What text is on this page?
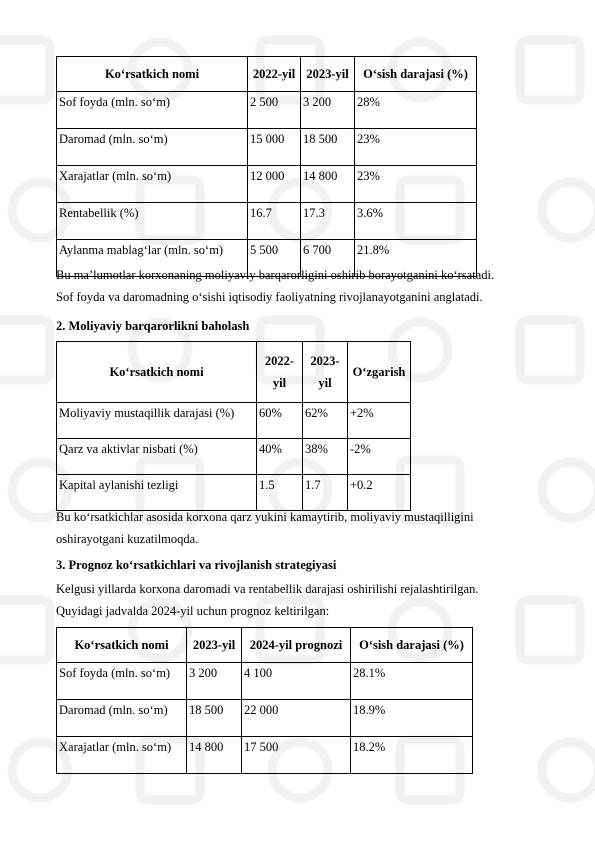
Ko‘rsatkich nomi	2022-yil	2023-yil	O‘sish darajasi (%)
Sof foyda (mln. so‘m)	2 500	3 200	28%
Daromad (mln. so‘m)	15 000	18 500	23%
Xarajatlar (mln. so‘m)	12 000	14 800	23%
Rentabellik (%)	16.7	17.3	3.6%
Aylanma mablag‘lar (mln. so‘m)	5 500	6 700	21.8%
Bu ma’lumotlar korxonaning moliyaviy barqarorligini oshirib borayotganini ko‘rsatadi.
Sof foyda va daromadning o‘sishi iqtisodiy faoliyatning rivojlanayotganini anglatadi.
2. Moliyaviy barqarorlikni baholash
Ko‘rsatkich nomi	2022-yil	2023-yil	O‘zgarish
Moliyaviy mustaqillik darajasi (%)	60%	62%	+2%
Qarz va aktivlar nisbati (%)	40%	38%	-2%
Kapital aylanishi tezligi	1.5	1.7	+0.2
Bu ko‘rsatkichlar asosida korxona qarz yukini kamaytirib, moliyaviy mustaqilligini
oshirayotgani kuzatilmoqda.
3. Prognoz ko‘rsatkichlari va rivojlanish strategiyasi
Kelgusi yillarda korxona daromadi va rentabellik darajasi oshirilishi rejalashtirilgan.
Quyidagi jadvalda 2024-yil uchun prognoz keltirilgan:
Ko‘rsatkich nomi	2023-yil	2024-yil prognozi	O‘sish darajasi (%)
Sof foyda (mln. so‘m)	3 200	4 100	28.1%
Daromad (mln. so‘m)	18 500	22 000	18.9%
Xarajatlar (mln. so‘m)	14 800	17 500	18.2%
